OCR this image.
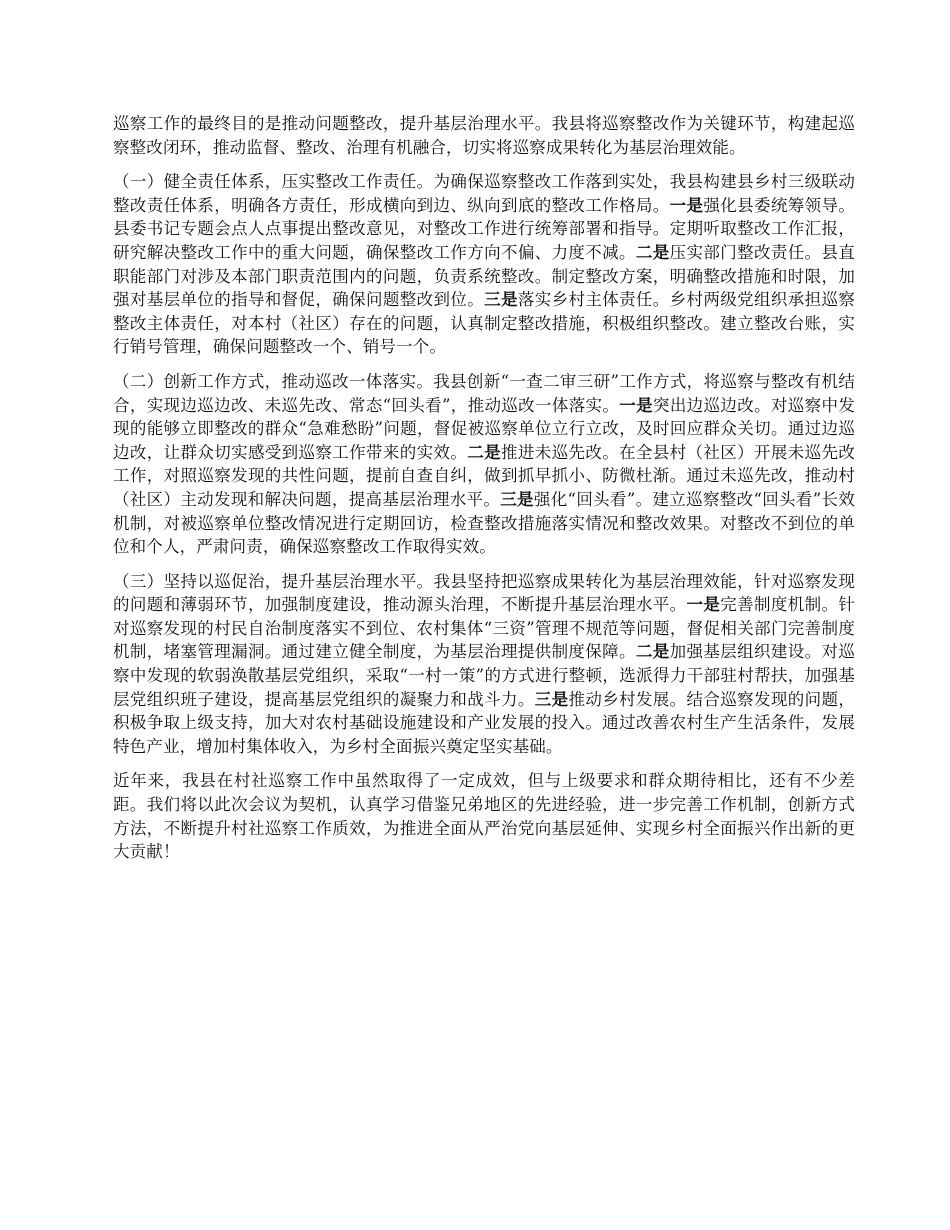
巡察工作的最终目的是推动问题整改，提升基层治理水平。我县将巡察整改作为关键环节，构建起巡察整改闭环，推动监督、整改、治理有机融合，切实将巡察成果转化为基层治理效能。

（一）健全责任体系，压实整改工作责任。为确保巡察整改工作落到实处，我县构建县乡村三级联动整改责任体系，明确各方责任，形成横向到边、纵向到底的整改工作格局。一是强化县委统筹领导。县委书记专题会点人点事提出整改意见，对整改工作进行统筹部署和指导。定期听取整改工作汇报，研究解决整改工作中的重大问题，确保整改工作方向不偏、力度不减。二是压实部门整改责任。县直职能部门对涉及本部门职责范围内的问题，负责系统整改。制定整改方案，明确整改措施和时限，加强对基层单位的指导和督促，确保问题整改到位。三是落实乡村主体责任。乡村两级党组织承担巡察整改主体责任，对本村（社区）存在的问题，认真制定整改措施，积极组织整改。建立整改台账，实行销号管理，确保问题整改一个、销号一个。

（二）创新工作方式，推动巡改一体落实。我县创新“一查二审三研”工作方式，将巡察与整改有机结合，实现边巡边改、未巡先改、常态“回头看”，推动巡改一体落实。一是突出边巡边改。对巡察中发现的能够立即整改的群众“急难愁盼”问题，督促被巡察单位立行立改，及时回应群众关切。通过边巡边改，让群众切实感受到巡察工作带来的实效。二是推进未巡先改。在全县村（社区）开展未巡先改工作，对照巡察发现的共性问题，提前自查自纠，做到抓早抓小、防微杜渐。通过未巡先改，推动村（社区）主动发现和解决问题，提高基层治理水平。三是强化“回头看”。建立巡察整改“回头看”长效机制，对被巡察单位整改情况进行定期回访，检查整改措施落实情况和整改效果。对整改不到位的单位和个人，严肃问责，确保巡察整改工作取得实效。

（三）坚持以巡促治，提升基层治理水平。我县坚持把巡察成果转化为基层治理效能，针对巡察发现的问题和薄弱环节，加强制度建设，推动源头治理，不断提升基层治理水平。一是完善制度机制。针对巡察发现的村民自治制度落实不到位、农村集体“三资”管理不规范等问题，督促相关部门完善制度机制，堵塞管理漏洞。通过建立健全制度，为基层治理提供制度保障。二是加强基层组织建设。对巡察中发现的软弱涣散基层党组织，采取“一村一策”的方式进行整顿，选派得力干部驻村帮扶，加强基层党组织班子建设，提高基层党组织的凝聚力和战斗力。三是推动乡村发展。结合巡察发现的问题，积极争取上级支持，加大对农村基础设施建设和产业发展的投入。通过改善农村生产生活条件，发展特色产业，增加村集体收入，为乡村全面振兴奠定坚实基础。

近年来，我县在村社巡察工作中虽然取得了一定成效，但与上级要求和群众期待相比，还有不少差距。我们将以此次会议为契机，认真学习借鉴兄弟地区的先进经验，进一步完善工作机制，创新方式方法，不断提升村社巡察工作质效，为推进全面从严治党向基层延伸、实现乡村全面振兴作出新的更大贡献！
